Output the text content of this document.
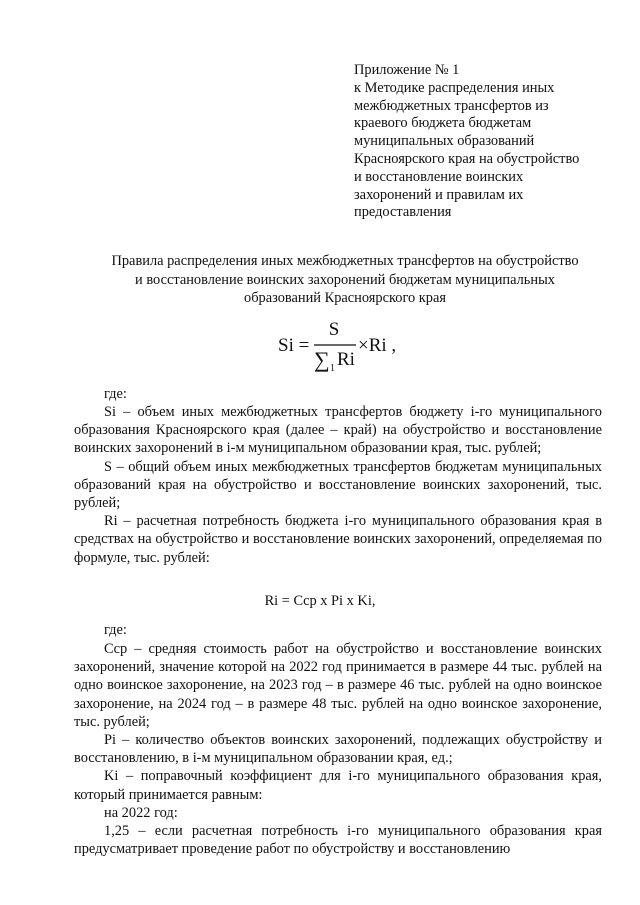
Приложение № 1
к Методике распределения иных
межбюджетных трансфертов из
краевого бюджета бюджетам
муниципальных образований
Красноярского края на обустройство
и восстановление воинских
захоронений и правилам их
предоставления
Правила распределения иных межбюджетных трансфертов на обустройство
и восстановление воинских захоронений бюджетам муниципальных
образований Красноярского края
Si =
S
∑ 1 Ri
×Ri ,

где:

Si – объем иных межбюджетных трансфертов бюджету i-го муниципального образования Красноярского края (далее – край) на обустройство и восстановление воинских захоронений в i-м муниципальном образовании края, тыс. рублей;

S – общий объем иных межбюджетных трансфертов бюджетам муниципальных образований края на обустройство и восстановление воинских захоронений, тыс. рублей;

Ri – расчетная потребность бюджета i-го муниципального образования края в средствах на обустройство и восстановление воинских захоронений, определяемая по формуле, тыс. рублей:

Ri = Cср x Pi x Ki,

где:

Cср – средняя стоимость работ на обустройство и восстановление воинских захоронений, значение которой на 2022 год принимается в размере 44 тыс. рублей на одно воинское захоронение, на 2023 год – в размере 46 тыс. рублей на одно воинское захоронение, на 2024 год – в размере 48 тыс. рублей на одно воинское захоронение, тыс. рублей;

Pi – количество объектов воинских захоронений, подлежащих обустройству и восстановлению, в i-м муниципальном образовании края, ед.;

Ki – поправочный коэффициент для i-го муниципального образования края, который принимается равным:

на 2022 год:

1,25 – если расчетная потребность i-го муниципального образования края предусматривает проведение работ по обустройству и восстановлению
